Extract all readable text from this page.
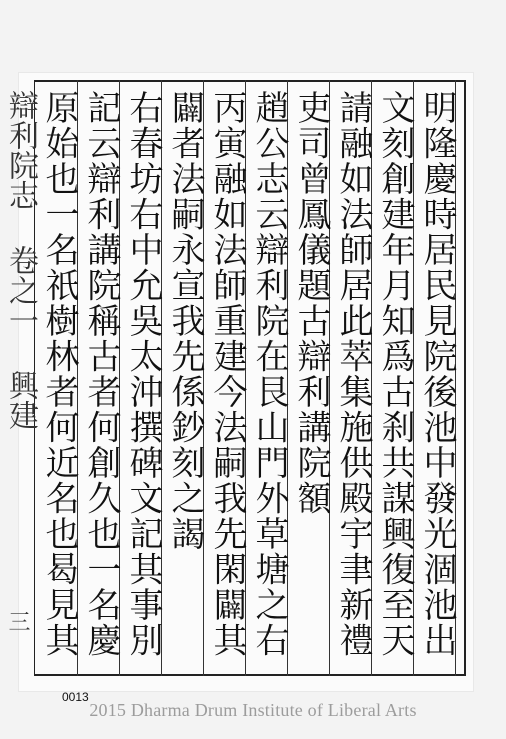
明隆慶時居民見院後池中發光涸池出
文刻創建年月知爲古刹共謀興復至天
請融如法師居此萃集施供殿宇聿新禮
吏司曾鳳儀題古辯利講院額
趙公志云辯利院在艮山門外草塘之右
丙寅融如法師重建今法嗣我先閑闢其
闢者法嗣永宣我先係鈔刻之謁
右春坊右中允吳太沖撰碑文記其事別
記云辯利講院稱古者何創久也一名慶
原始也一名祇樹林者何近名也曷見其
辯利院志 卷之一 興建
三
0013
2015 Dharma Drum Institute of Liberal Arts
